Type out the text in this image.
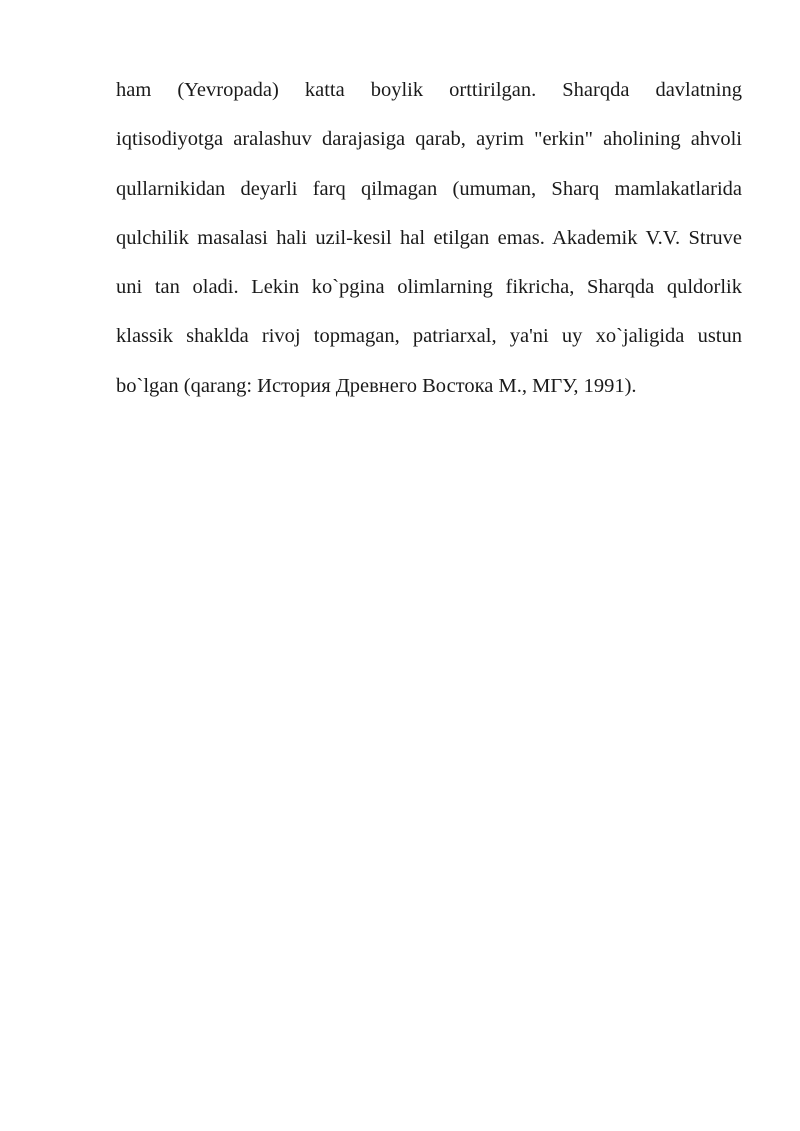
ham (Yevropada) katta boylik orttirilgan. Sharqda davlatning
iqtisodiyotga aralashuv darajasiga qarab, ayrim "erkin" aholining ahvoli
qullarnikidan deyarli farq qilmagan (umuman, Sharq mamlakatlarida
qulchilik masalasi hali uzil-kesil hal etilgan emas. Akademik V.V. Struve
uni tan oladi. Lekin ko`pgina olimlarning fikricha, Sharqda quldorlik
klassik shaklda rivoj topmagan, patriarxal, ya'ni uy xo`jaligida ustun
bo`lgan (qarang: История Древнего Востока М., МГУ, 1991).
